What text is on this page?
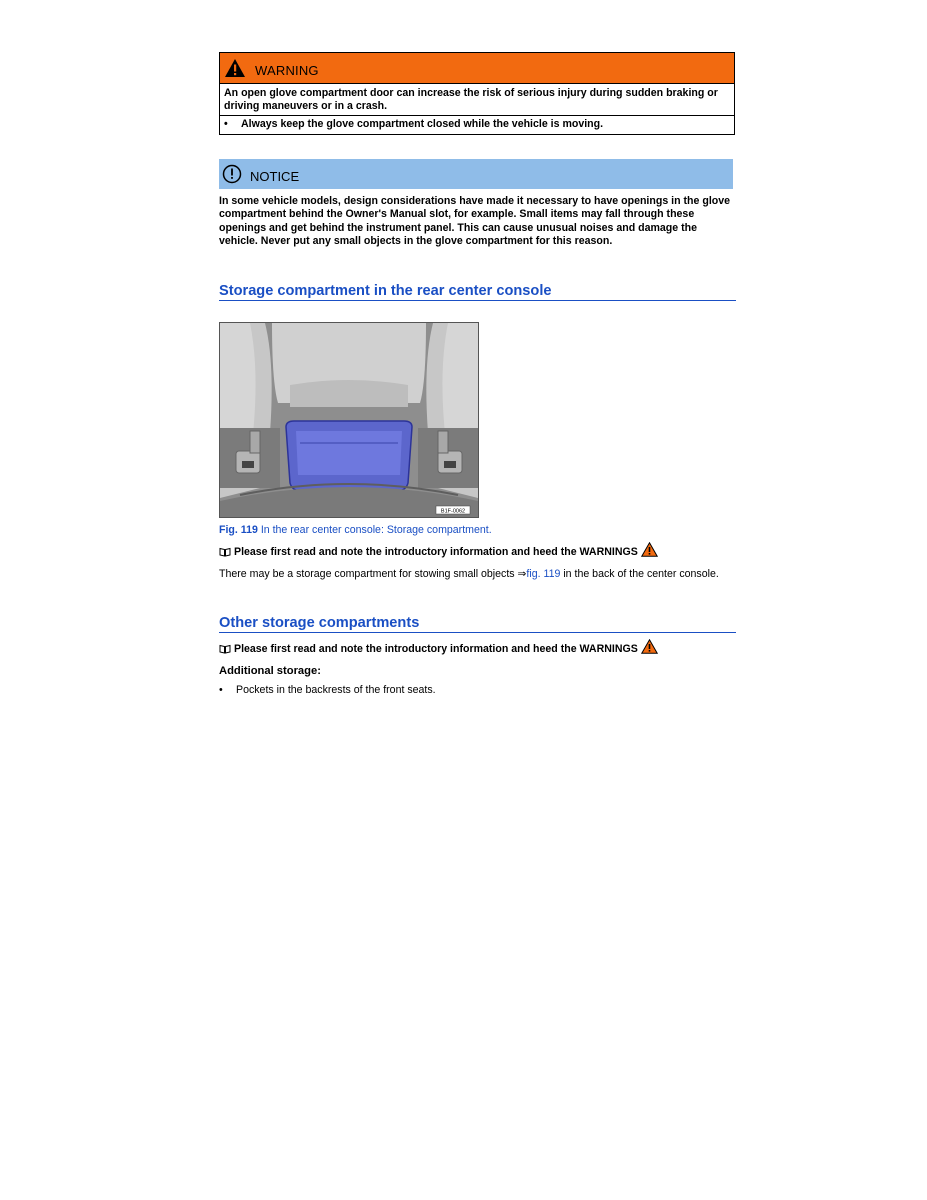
WARNING
An open glove compartment door can increase the risk of serious injury during sudden braking or driving maneuvers or in a crash.
•	Always keep the glove compartment closed while the vehicle is moving.
NOTICE
In some vehicle models, design considerations have made it necessary to have openings in the glove compartment behind the Owner's Manual slot, for example. Small items may fall through these openings and get behind the instrument panel. This can cause unusual noises and damage the vehicle. Never put any small objects in the glove compartment for this reason.
Storage compartment in the rear center console
B1F-0062
Fig. 119 In the rear center console: Storage compartment.
Please first read and note the introductory information and heed the WARNINGS
There may be a storage compartment for stowing small objects ⇒fig. 119 in the back of the center console.
Other storage compartments
Please first read and note the introductory information and heed the WARNINGS
Additional storage:
•	Pockets in the backrests of the front seats.
